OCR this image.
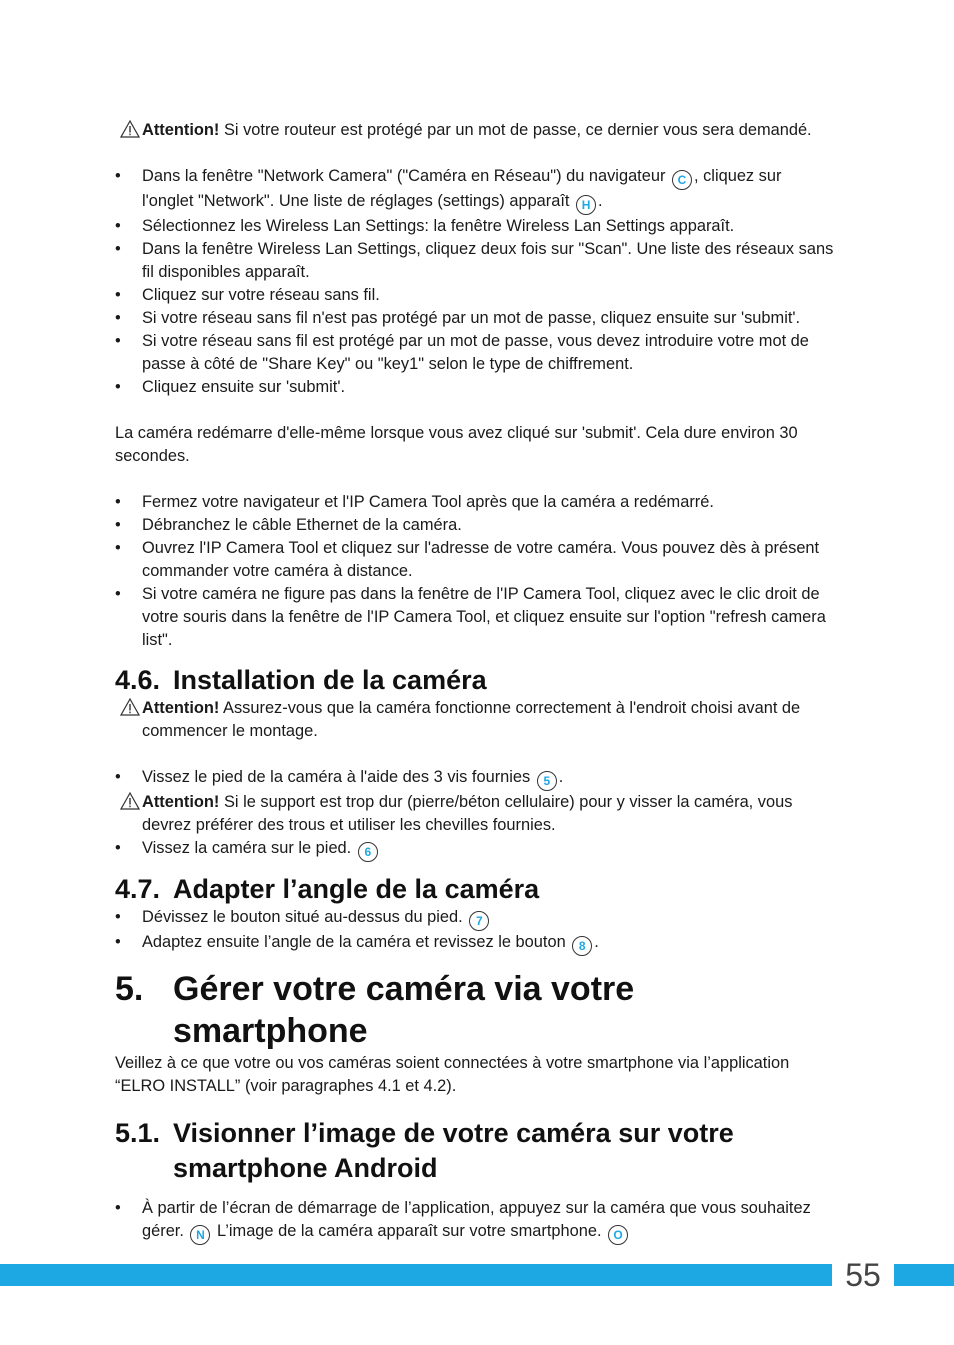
Attention! Si votre routeur est protégé par un mot de passe, ce dernier vous sera demandé.

• Dans la fenêtre "Network Camera" ("Caméra en Réseau") du navigateur C , cliquez sur l'onglet "Network". Une liste de réglages (settings) apparaît H .
• Sélectionnez les Wireless Lan Settings: la fenêtre Wireless Lan Settings apparaît.
• Dans la fenêtre Wireless Lan Settings, cliquez deux fois sur "Scan". Une liste des réseaux sans fil disponibles apparaît.
• Cliquez sur votre réseau sans fil.
• Si votre réseau sans fil n'est pas protégé par un mot de passe, cliquez ensuite sur 'submit'.
• Si votre réseau sans fil est protégé par un mot de passe, vous devez introduire votre mot de passe à côté de "Share Key" ou "key1" selon le type de chiffrement.
• Cliquez ensuite sur 'submit'.

La caméra redémarre d'elle-même lorsque vous avez cliqué sur 'submit'. Cela dure environ 30 secondes.

• Fermez votre navigateur et l'IP Camera Tool après que la caméra a redémarré.
• Débranchez le câble Ethernet de la caméra.
• Ouvrez l'IP Camera Tool et cliquez sur l'adresse de votre caméra. Vous pouvez dès à présent commander votre caméra à distance.
• Si votre caméra ne figure pas dans la fenêtre de l'IP Camera Tool, cliquez avec le clic droit de votre souris dans la fenêtre de l'IP Camera Tool, et cliquez ensuite sur l'option "refresh camera list".
4.6. Installation de la caméra

Attention! Assurez-vous que la caméra fonctionne correctement à l'endroit choisi avant de commencer le montage.

• Vissez le pied de la caméra à l'aide des 3 vis fournies 5 .

Attention! Si le support est trop dur (pierre/béton cellulaire) pour y visser la caméra, vous devrez préférer des trous et utiliser les chevilles fournies.

• Vissez la caméra sur le pied. 6
4.7. Adapter l’angle de la caméra
• Dévissez le bouton situé au-dessus du pied. 7
• Adaptez ensuite l’angle de la caméra et revissez le bouton 8 .
5. Gérer votre caméra via votre smartphone

Veillez à ce que votre ou vos caméras soient connectées à votre smartphone via l’application “ELRO INSTALL” (voir paragraphes 4.1 et 4.2).

5.1. Visionner l’image de votre caméra sur votre smartphone Android
• À partir de l’écran de démarrage de l’application, appuyez sur la caméra que vous souhaitez gérer. N L’image de la caméra apparaît sur votre smartphone. O
55
